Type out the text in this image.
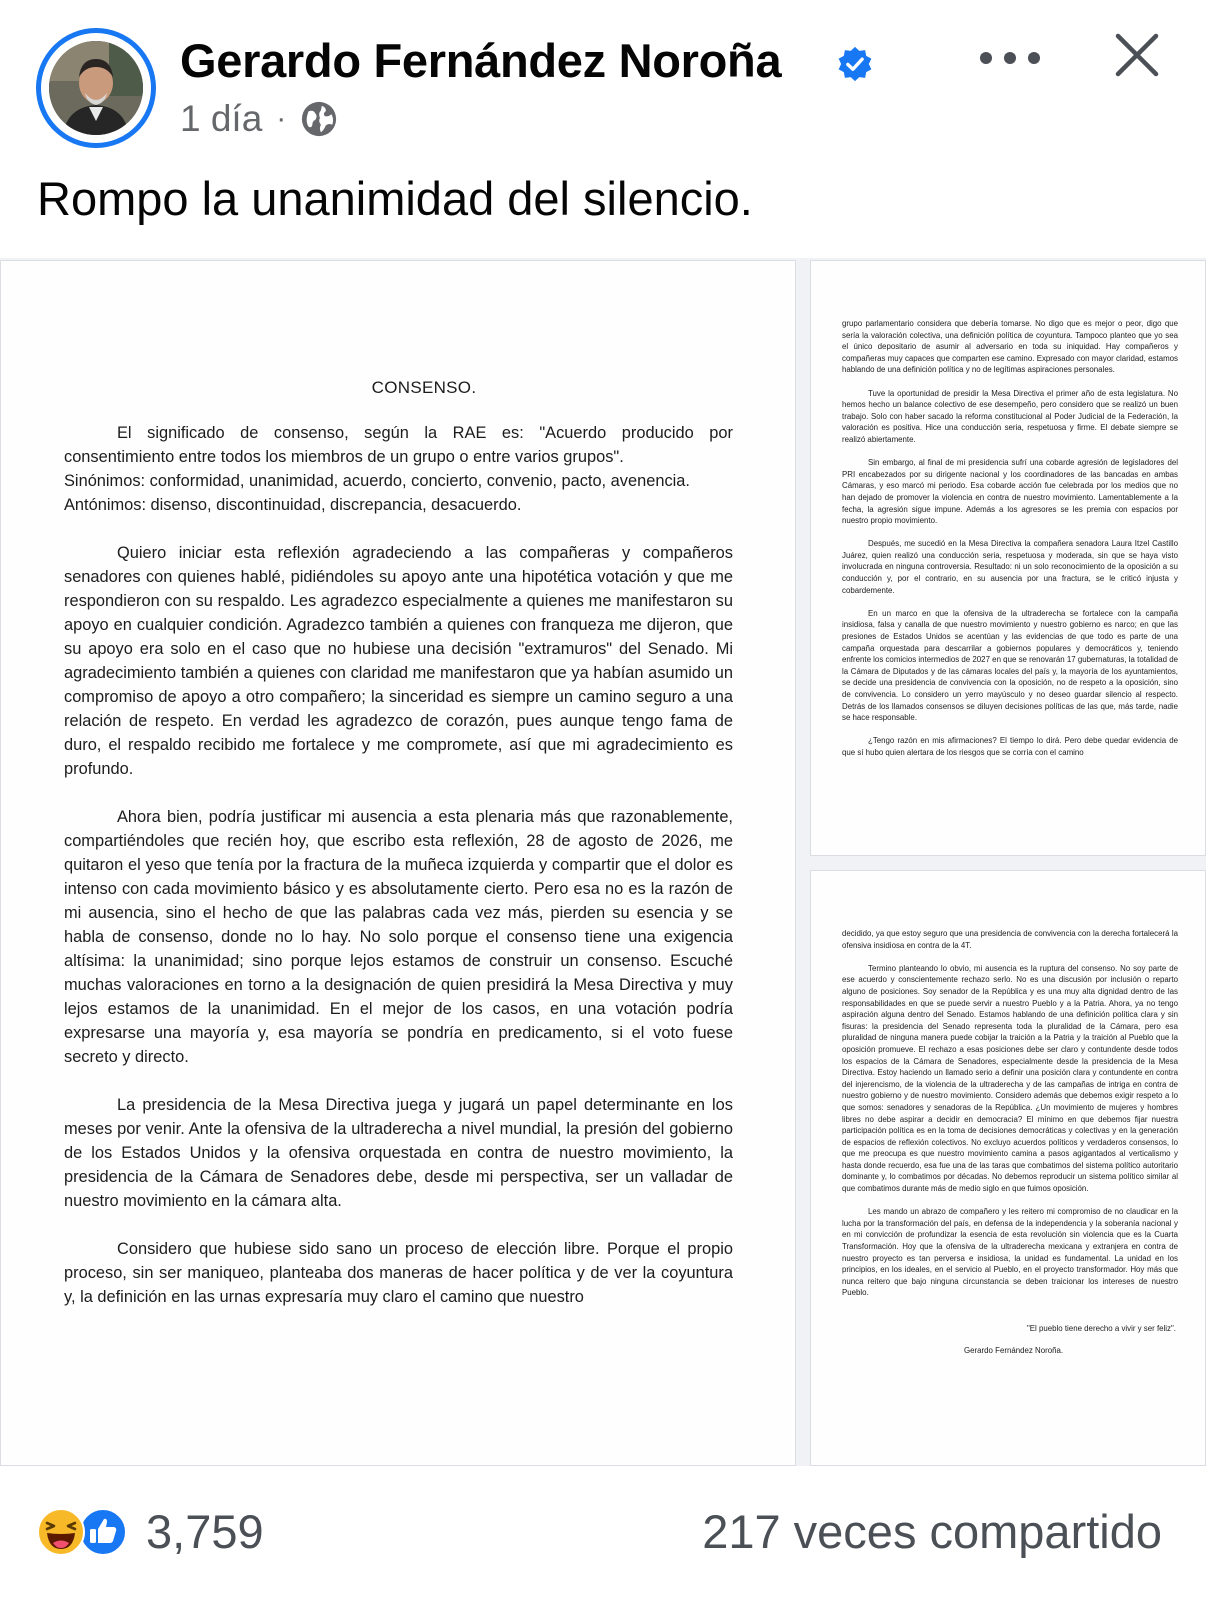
Gerardo Fernández Noroña
1 día ·
Rompo la unanimidad del silencio.
CONSENSO.

El significado de consenso, según la RAE es: "Acuerdo producido por consentimiento entre todos los miembros de un grupo o entre varios grupos".

Sinónimos: conformidad, unanimidad, acuerdo, concierto, convenio, pacto, avenencia.

Antónimos: disenso, discontinuidad, discrepancia, desacuerdo.

Quiero iniciar esta reflexión agradeciendo a las compañeras y compañeros senadores con quienes hablé, pidiéndoles su apoyo ante una hipotética votación y que me respondieron con su respaldo. Les agradezco especialmente a quienes me manifestaron su apoyo en cualquier condición. Agradezco también a quienes con franqueza me dijeron, que su apoyo era solo en el caso que no hubiese una decisión "extramuros" del Senado. Mi agradecimiento también a quienes con claridad me manifestaron que ya habían asumido un compromiso de apoyo a otro compañero; la sinceridad es siempre un camino seguro a una relación de respeto. En verdad les agradezco de corazón, pues aunque tengo fama de duro, el respaldo recibido me fortalece y me compromete, así que mi agradecimiento es profundo.

Ahora bien, podría justificar mi ausencia a esta plenaria más que razonablemente, compartiéndoles que recién hoy, que escribo esta reflexión, 28 de agosto de 2026, me quitaron el yeso que tenía por la fractura de la muñeca izquierda y compartir que el dolor es intenso con cada movimiento básico y es absolutamente cierto. Pero esa no es la razón de mi ausencia, sino el hecho de que las palabras cada vez más, pierden su esencia y se habla de consenso, donde no lo hay. No solo porque el consenso tiene una exigencia altísima: la unanimidad; sino porque lejos estamos de construir un consenso. Escuché muchas valoraciones en torno a la designación de quien presidirá la Mesa Directiva y muy lejos estamos de la unanimidad. En el mejor de los casos, en una votación podría expresarse una mayoría y, esa mayoría se pondría en predicamento, si el voto fuese secreto y directo.

La presidencia de la Mesa Directiva juega y jugará un papel determinante en los meses por venir. Ante la ofensiva de la ultraderecha a nivel mundial, la presión del gobierno de los Estados Unidos y la ofensiva orquestada en contra de nuestro movimiento, la presidencia de la Cámara de Senadores debe, desde mi perspectiva, ser un valladar de nuestro movimiento en la cámara alta.

Considero que hubiese sido sano un proceso de elección libre. Porque el propio proceso, sin ser maniqueo, planteaba dos maneras de hacer política y de ver la coyuntura y, la definición en las urnas expresaría muy claro el camino que nuestro

grupo parlamentario considera que debería tomarse. No digo que es mejor o peor, digo que sería la valoración colectiva, una definición política de coyuntura. Tampoco planteo que yo sea el único depositario de asumir al adversario en toda su iniquidad. Hay compañeros y compañeras muy capaces que comparten ese camino. Expresado con mayor claridad, estamos hablando de una definición política y no de legítimas aspiraciones personales.

Tuve la oportunidad de presidir la Mesa Directiva el primer año de esta legislatura. No hemos hecho un balance colectivo de ese desempeño, pero considero que se realizó un buen trabajo. Solo con haber sacado la reforma constitucional al Poder Judicial de la Federación, la valoración es positiva. Hice una conducción seria, respetuosa y firme. El debate siempre se realizó abiertamente.

Sin embargo, al final de mi presidencia sufrí una cobarde agresión de legisladores del PRI encabezados por su dirigente nacional y los coordinadores de las bancadas en ambas Cámaras, y eso marcó mi periodo. Esa cobarde acción fue celebrada por los medios que no han dejado de promover la violencia en contra de nuestro movimiento. Lamentablemente a la fecha, la agresión sigue impune. Además a los agresores se les premia con espacios por nuestro propio movimiento.

Después, me sucedió en la Mesa Directiva la compañera senadora Laura Itzel Castillo Juárez, quien realizó una conducción seria, respetuosa y moderada, sin que se haya visto involucrada en ninguna controversia. Resultado: ni un solo reconocimiento de la oposición a su conducción y, por el contrario, en su ausencia por una fractura, se le criticó injusta y cobardemente.

En un marco en que la ofensiva de la ultraderecha se fortalece con la campaña insidiosa, falsa y canalla de que nuestro movimiento y nuestro gobierno es narco; en que las presiones de Estados Unidos se acentúan y las evidencias de que todo es parte de una campaña orquestada para descarrilar a gobiernos populares y democráticos y, teniendo enfrente los comicios intermedios de 2027 en que se renovarán 17 gubernaturas, la totalidad de la Cámara de Diputados y de las cámaras locales del país y, la mayoría de los ayuntamientos, se decide una presidencia de convivencia con la oposición, no de respeto a la oposición, sino de convivencia. Lo considero un yerro mayúsculo y no deseo guardar silencio al respecto. Detrás de los llamados consensos se diluyen decisiones políticas de las que, más tarde, nadie se hace responsable.

¿Tengo razón en mis afirmaciones? El tiempo lo dirá. Pero debe quedar evidencia de que sí hubo quien alertara de los riesgos que se corría con el camino

decidido, ya que estoy seguro que una presidencia de convivencia con la derecha fortalecerá la ofensiva insidiosa en contra de la 4T.

Termino planteando lo obvio, mi ausencia es la ruptura del consenso. No soy parte de ese acuerdo y conscientemente rechazo serlo. No es una discusión por inclusión o reparto alguno de posiciones. Soy senador de la República y es una muy alta dignidad dentro de las responsabilidades en que se puede servir a nuestro Pueblo y a la Patria. Ahora, ya no tengo aspiración alguna dentro del Senado. Estamos hablando de una definición política clara y sin fisuras: la presidencia del Senado representa toda la pluralidad de la Cámara, pero esa pluralidad de ninguna manera puede cobijar la traición a la Patria y la traición al Pueblo que la oposición promueve. El rechazo a esas posiciones debe ser claro y contundente desde todos los espacios de la Cámara de Senadores, especialmente desde la presidencia de la Mesa Directiva. Estoy haciendo un llamado serio a definir una posición clara y contundente en contra del injerencismo, de la violencia de la ultraderecha y de las campañas de intriga en contra de nuestro gobierno y de nuestro movimiento. Considero además que debemos exigir respeto a lo que somos: senadores y senadoras de la República. ¿Un movimiento de mujeres y hombres libres no debe aspirar a decidir en democracia? El mínimo en que debemos fijar nuestra participación política es en la toma de decisiones democráticas y colectivas y en la generación de espacios de reflexión colectivos. No excluyo acuerdos políticos y verdaderos consensos, lo que me preocupa es que nuestro movimiento camina a pasos agigantados al verticalismo y hasta donde recuerdo, esa fue una de las taras que combatimos del sistema político autoritario dominante y, lo combatimos por décadas. No debemos reproducir un sistema político similar al que combatimos durante más de medio siglo en que fuimos oposición.

Les mando un abrazo de compañero y les reitero mi compromiso de no claudicar en la lucha por la transformación del país, en defensa de la independencia y la soberanía nacional y en mi convicción de profundizar la esencia de esta revolución sin violencia que es la Cuarta Transformación. Hoy que la ofensiva de la ultraderecha mexicana y extranjera en contra de nuestro proyecto es tan perversa e insidiosa, la unidad es fundamental. La unidad en los principios, en los ideales, en el servicio al Pueblo, en el proyecto transformador. Hoy más que nunca reitero que bajo ninguna circunstancia se deben traicionar los intereses de nuestro Pueblo.

"El pueblo tiene derecho a vivir y ser feliz".

Gerardo Fernández Noroña.

3,759	217 veces compartido
